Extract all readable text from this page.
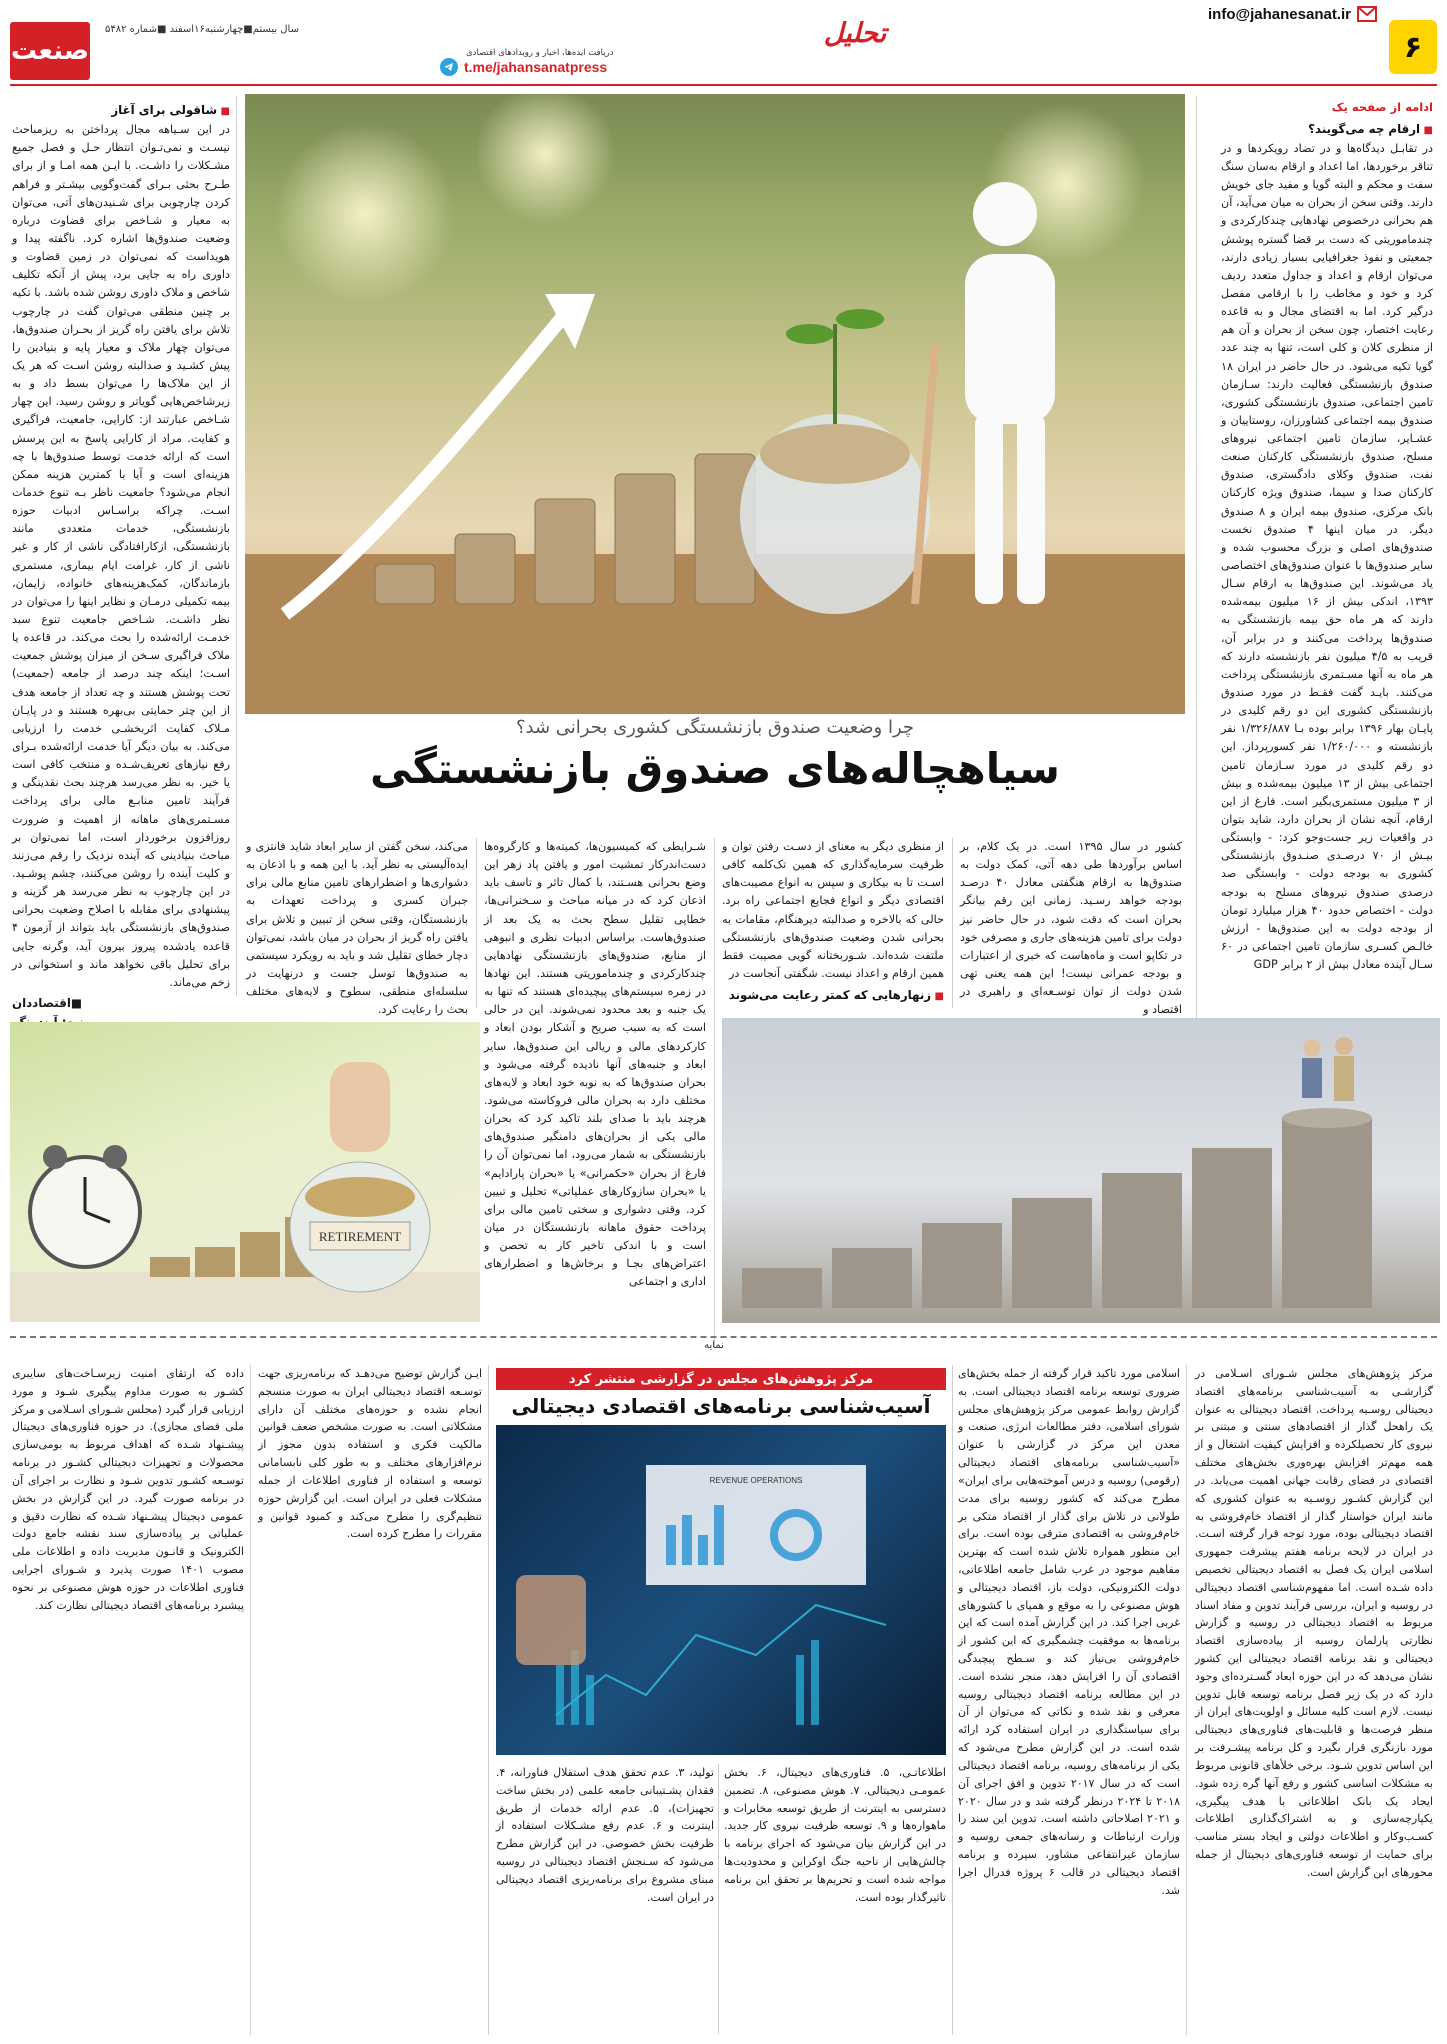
۶
info@jahanesanat.ir
تحلیل
دریافت ایده‌ها، اخبار و رویدادهای اقتصادی
t.me/jahansanatpress
سال بیستم■چهارشنبه۱۶اسفند ■شماره ۵۴۸۲
صنعت
ادامه از صفحه یک
■ ارقام چه می‌گویند؟

در تقابـل دیدگاه‌ها و در تضاد رویکردها و در تناقر برخوردها، اما اعداد و ارقام به‌سان سنگ سفت و محکم و البته گویا و مفید جای خویش دارند. وقتی سخن از بحران به میان می‌آید، آن هم بحرانی درخصوص نهادهایی چندکارکردی و چندماموریتی که دست بر قضا گستره پوشش جمعیتی و نفوذ جغرافیایی بسیار زیادی دارند، می‌توان ارقام و اعداد و جداول متعدد ردیف کرد و خود و مخاطب را با ارقامی مفصل درگیر کرد. اما به اقتضای مجال و به قاعده رعایت اختصار، چون سخن از بحران و آن هم از منظری کلان و کلی است، تنها به چند عدد گویا تکیه می‌شود. در حال حاضر در ایران ۱۸ صندوق بازنشستگی فعالیت دارند: سـازمان تامین اجتماعی، صندوق بازنشستگی کشوری، صندوق بیمه اجتماعی کشاورزان، روستاییان و عشـایر، سازمان تامین اجتماعی نیروهای مسلح، صندوق بازنشستگی کارکنان صنعت نفت، صندوق وکلای دادگستری، صندوق کارکنان صدا و سیما، صندوق ویژه کارکنان بانک مرکزی، صندوق بیمه ایران و ۸ صندوق دیگر. در میان اینها ۴ صندوق نخست صندوق‌های اصلی و بزرگ محسوب شده و سایر صندوق‌ها با عنوان صندوق‌های اختصاصی یاد می‌شوند. این صندوق‌ها به ارقام سـال ۱۳۹۳، اندکی بیش از ۱۶ میلیون بیمه‌شده دارند که هر ماه حق بیمه بازنشستگی به صندوق‌ها پرداخت می‌کنند و در برابر آن، قریب به ۴/۵ میلیون نفر بازنشسته دارند که هر ماه به آنها مسـتمری بازنشستگی پرداخت می‌کنند. بایـد گفت فقـط در مورد صندوق بازنشستگی کشوری این دو رقم کلیدی در پایـان بهار ۱۳۹۶ برابر بوده بـا ۱/۳۲۶/۸۸۷ نفر بازنشسته و ۱/۲۶۰/۰۰۰ نفر کسورپرداز. این دو رقم کلیدی در مورد سـازمان تامین اجتماعی بیش از ۱۳ میلیون بیمه‌شده و بیش از ۳ میلیون مستمری‌بگیر است. فارغ از این ارقام، آنچه نشان از بحران دارد، شاید بتوان در واقعیات زیر جست‌وجو کرد: - وابستگی بیـش از ۷۰ درصـدی صنـدوق بازنشستگی کشوری به بودجه دولت - وابستگی صد درصدی صندوق نیروهای مسلح به بودجه دولت - اختصاص حدود ۴۰ هزار میلیارد تومان از بودجه دولت به این صندوق‌ها - ارزش خالـص کسـری سازمان تامین اجتماعی در ۶۰ سـال آینده معادل بیش از ۲ برابر GDP

چرا وضعیت صندوق بازنشستگی کشوری بحرانی شد؟
سیاهچاله‌های صندوق بازنشستگی

کشور در سال ۱۳۹۵ است. در یک کلام، بر اساس برآوردها طی دهه آتی، کمک دولت به صندوق‌ها به ارقام هنگفتی معادل ۴۰ درصـد بودجه خواهد رسـید. زمانی این رقم بیانگر بحران است که دقت شود، در حال حاضر نیز دولت برای تامین هزینه‌های جاری و مصرفی خود در تکاپو است و ماه‌هاست که خبری از اعتبارات و بودجه عمرانی نیست! این همه یعنی تهی شدن دولت از توان توسـعه‌ای و راهبری در اقتصاد و

از منظری دیگر به معنای از دسـت رفتن توان و ظرفیت سرمایه‌گذاری که همین تک‌کلمه کافی اسـت تا به بیکاری و سپس به انواع مصیبت‌های اقتصادی دیگر و انواع فجایع اجتماعی راه برد. حالی که بالاخره و صدالبته دیرهنگام، مقامات به بحرانی شدن وضعیت صندوق‌های بازنشستگی ملتفت شده‌اند. شـوربختانه گویی مصیبت فقط همین ارقام و اعداد نیست. شگفتی آنجاست در

■ زنهارهایی که کمتر رعایت می‌شوند

شـرایطی که کمیسیون‌ها، کمیته‌ها و کارگروه‌ها دست‌اندرکار تمشیت امور و یافتن پاد زهر این وضع بحرانی هسـتند، با کمال تاثر و تاسف باید اذعان کرد که در میانه مباحث و سـخنرانی‌ها، خطایی تقلیل سطح بحث به یک بعد از صندوق‌هاست. براساس ادبیات نظری و انبوهی از منابع، صندوق‌های بازنشستگی نهادهایی چندکارکردی و چندماموریتی هستند. این نهادها در زمره سیستم‌های پیچیده‌ای هستند که تنها به یک جنبه و بعد محدود نمی‌شوند. این در حالی است که به سبب صریح و آشکار بودن ابعاد و کارکردهای مالی و ریالی این صندوق‌ها، سایر ابعاد و جنبه‌های آنها نادیده گرفته می‌شود و بحران صندوق‌ها که به نوبه خود ابعاد و لایه‌های مختلف دارد به بحران مالی فروکاسته می‌شود. هرچند باید با صدای بلند تاکید کرد که بحران مالی یکی از بحران‌های دامنگیر صندوق‌های بازنشستگی به شمار می‌رود، اما نمی‌توان آن را فارغ از بحران «حکمرانی» یا «بحران پارادایم» یا «بحران سازوکارهای عملیاتی» تحلیل و تبیین کرد. وقتی دشواری و سختی تامین مالی برای پرداخت حقوق ماهانه بازنشستگان در میان است و با اندکی تاخیر کار به تحصن و اعتراض‌های بجـا و برخاش‌ها و اضطرارهای اداری و اجتماعی

می‌کند، سخن گفتن از سایر ابعاد شاید فانتزی و ایده‌آلیستی به نظر آید. با این همه و با اذعان به دشواری‌ها و اضطرارهای تامین منابع مالی برای جبران کسری و پرداخت تعهدات به بازنشستگان، وقتی سخن از تبیین و تلاش برای یافتن راه گریز از بحران در میان باشد، نمی‌توان دچار خطای تقلیل شد و باید به رویکرد سیستمی به صندوق‌ها توسل جست و درنهایت در سلسله‌ای منطقی، سطوح و لایه‌های مختلف بحث را رعایت کرد.

■ شاقولی برای آغاز

در این سـیاهه مجال پرداختن به ریزمباحث نیسـت و نمی‌تـوان انتظار حـل و فصل جمیع مشـکلات را داشـت. با ایـن همه امـا و از برای طـرح بحثی بـرای گفت‌وگویی بیشـتر و فراهم کردن چارچوبی برای شـنیدن‌های آتی، می‌توان به معیار و شـاخص برای قضاوت درباره وضعیت صندوق‌ها اشاره کرد. ناگفته پیدا و هویداست که نمی‌توان در زمین قضاوت و داوری راه به جایی برد، پیش از آنکه تکلیف شاخص و ملاک داوری روشن شده باشد. با تکیه بر چنین منطقی می‌توان گفت در چارچوب تلاش برای یافتن راه گریز از بحـران صندوق‌ها، می‌توان چهار ملاک و معیار پایه و بنیادین را پیش کشـید و صدالبته روشن اسـت که هر یک از این ملاک‌ها را می‌توان بسط داد و به زیرشاخص‌هایی گویاتر و روشن رسید. این چهار شـاخص عبارتند از: کارایی، جامعیت، فراگیری و کفایت. مراد از کارایی پاسخ به این پرسش است که ارائه خدمت توسط صندوق‌ها با چه هزینه‌ای است و آیا با کمترین هزینه ممکن انجام می‌شود؟ جامعیت ناظر بـه تنوع خدمات اسـت. چراکه براسـاس ادبیات حوزه بازنشستگی، خدمات متعددی مانند بازنشستگی، ازکارافتادگی ناشی از کار و غیر ناشی از کار، غرامت ایام بیماری، مستمری بازماندگان، کمک‌هزینه‌های خانواده، زایمان، بیمه تکمیلی درمـان و نظایر اینها را می‌توان در نظر داشـت. شـاخص جامعیت تنوع سبد خدمـت ارائه‌شده را بحث می‌کند. در قاعده یا ملاک فراگیری سـخن از میزان پوشش جمعیت اسـت؛ اینکه چند درصد از جامعه (جمعیت) تحت پوشش هستند و چه تعداد از جامعه هدف از این چتر حمایتی بی‌بهره هستند و در پایـان مـلاک کفایت اثربخشـی خدمت را ارزیابی می‌کند. به بیان دیگر آیا خدمت ارائه‌شده بـرای رفع نیازهای تعریف‌شـده و منتخب کافی است یا خیر. به نظر می‌رسد هرچند بحث نقدینگی و فرآیند تامین منابـع مالی برای پرداخت مسـتمری‌های ماهانه از اهمیت و ضرورت روزافزون برخوردار است، اما نمی‌توان بر مباحث بنیادینی که آینده نزدیک را رقم می‌زنند و کلیت آینده را روشن می‌کنند، چشم پوشـید. در این چارچوب به نظر می‌رسد هر گزینه و پیشنهادی برای مقابله با اصلاح وضعیت بحرانی صندوق‌های بازنشستگی باید بتواند از آزمون ۴ قاعده یادشده پیروز بیرون آید، وگرنه جایی برای تحلیل باقی نخواهد ماند و استخوانی در زخم می‌ماند.

■اقتصاددان
RETIREMENT
نمایه

مرکز پژوهش‌های مجلس شـورای اسـلامی در گزارشـی به آسیب‌شناسی برنامه‌های اقتصاد دیجیتالی روسـیه پرداخت. اقتصاد دیجیتالی به عنوان یک راهحل گذار از اقتصادهای سنتی و مبتنی بر نیروی کار تحصیلکرده و افزایش کیفیت اشتغال و از همه مهم‌تر افزایش بهره‌وری بخش‌های مختلف اقتصادی در فضای رقابت جهانی اهمیت می‌یابد. در این گزارش کشـور روسـیه به عنوان کشوری که مانند ایران خواستار گذار از اقتصاد خام‌فروشی به اقتصاد دیجیتالی بوده، مورد توجه قرار گرفته اسـت. در ایران در لایحه برنامه هفتم پیشرفت جمهوری اسلامی ایران یک فصل به اقتصاد دیجیتالی تخصیص داده شـده است. اما مفهوم‌شناسی اقتصاد دیجیتالی در روسیه و ایران، بررسی فرآیند تدوین و مفاد اسناد مربوط به اقتصاد دیجیتالی در روسیه و گزارش نظارتی پارلمان روسیه از پیاده‌سازی اقتصاد دیجیتالی و نقد برنامه اقتصاد دیجیتالی این کشور نشان می‌دهد که در این حوزه ابعاد گسـترده‌ای وجود دارد که در یک زیر فصل برنامه توسعه قابل تدوین نیست. لازم است کلیه مسائل و اولویت‌های ایران از منظر فرصت‌ها و قابلیت‌های فناوری‌های دیجیتالی مورد بازنگری قرار بگیرد و کل برنامه پیشـرفت بر این اساس تدوین شـود. برخی خلأهای قانونی مربوط به مشکلات اساسی کشور و رفع آنها گره زده شود. ایجاد یک بانک اطلاعاتی با هدف پیگیری، یکپارچه‌سازی و به اشتراک‌گذاری اطلاعات کسـب‌وکار و اطلاعات دولتی و ایجاد بستر مناسب برای حمایت از توسعه فناوری‌های دیجیتال از جمله محورهای این گزارش است.

اسلامی مورد تاکید قرار گرفته از جمله بخش‌های ضروری توسعه برنامه اقتصاد دیجیتالی است. به گزارش روابط عمومی مرکز پژوهش‌های مجلس شورای اسلامی، دفتر مطالعات انرژی، صنعت و معدن این مرکز در گزارشی با عنوان «آسیب‌شناسی برنامه‌های اقتصاد دیجیتالی (رقومی) روسیه و درس آموخته‌هایی برای ایران» مطرح می‌کند که کشور روسیه برای مدت طولانی در تلاش برای گذار از اقتصاد متکی بر خام‌فروشی به اقتصادی مترقی بوده است. برای این منظور همواره تلاش شده است که بهترین مفاهیم موجود در غرب شامل جامعه اطلاعاتی، دولت الکترونیکی، دولت باز، اقتصاد دیجیتالی و هوش مصنوعی را به موقع و همپای با کشورهای غربی اجرا کند. در این گزارش آمده است که این برنامه‌ها به موفقیت چشمگیری که این کشور از خام‌فروشی بی‌نیاز کند و سـطح پیچیدگی اقتصادی آن را افزایش دهد، منجر نشده است. در این مطالعه برنامه اقتصاد دیجیتالی روسیه معرفی و نقد شده و نکاتی که می‌توان از آن برای سیاستگذاری در ایران استفاده کرد ارائه شده است. در این گزارش مطرح می‌شود که یکی از برنامه‌های روسیه، برنامه اقتصاد دیجیتالی است که در سال ۲۰۱۷ تدوین و افق اجرای آن ۲۰۱۸ تا ۲۰۲۴ درنظر گرفته شد و در سال ۲۰۲۰ و ۲۰۲۱ اصلاحاتی داشته است. تدوین این سند را وزارت ارتباطات و رسانه‌های جمعی روسیه و سازمان غیرانتفاعی مشاور، سپرده و برنامه اقتصاد دیجیتالی در قالب ۶ پروژه فدرال اجرا شد.

مرکز پژوهش‌های مجلس در گزارشی منتشر کرد
آسیب‌شناسی برنامه‌های اقتصادی دیجیتالی
REVENUE OPERATIONS

اطلاعاتـی، ۵. فناوری‌های دیجیتال، ۶. بخش عمومـی دیجیتالی. ۷. هوش مصنوعی، ۸. تضمین دسترسی به اینترنت از طریق توسعه مخابرات و ماهواره‌ها و ۹. توسعه ظرفیت نیروی کار جدید. در این گزارش بیان می‌شود که اجرای برنامه با چالش‌هایی از ناحیه جنگ اوکراین و محدودیت‌ها مواجه شده است و تحریم‌ها بر تحقق این برنامه تاثیرگذار بوده است.

تولید، ۳. عدم تحقق هدف استقلال فناورانه، ۴. فقدان پشـتیبانی جامعه علمی (در بخش ساخت تجهیزات)، ۵. عدم ارائه خدمات از طریق اینترنت و ۶. عدم رفع مشـکلات استفاده از ظرفیت بخش خصوصی. در این گزارش مطرح می‌شود که سـنجش اقتصاد دیجیتالی در روسیه مبنای مشروع برای برنامه‌ریزی اقتصاد دیجیتالی در ایران است.

ایـن گزارش توضیح می‌دهـد که برنامه‌ریزی جهت توسـعه اقتصاد دیجیتالی ایران به صورت منسجم انجام نشده و حوزه‌های مختلف آن دارای مشکلاتی است. به صورت مشخص ضعف قوانین مالکیت فکری و استفاده بدون مجوز از نرم‌افزارهای مختلف و به طور کلی نابسامانی توسعه و استفاده از فناوری اطلاعات از جمله مشکلات فعلی در ایران است. این گزارش حوزه تنظیم‌گری را مطرح می‌کند و کمبود قوانین و مقررات را مطرح کرده است.

داده که ارتقای امنیت زیرسـاخت‌های سایبری کشـور به صورت مداوم پیگیری شـود و مورد ارزیابی قرار گیرد (مجلس شـورای اسـلامی و مرکز ملی فضای مجازی). در حوزه فناوری‌های دیجیتال پیشـنهاد شـده که اهداف مربوط به بومی‌سازی محصولات و تجهیزات دیجیتالی کشـور در برنامه توسـعه کشـور تدوین شـود و نظارت بر اجرای آن در برنامه صورت گیرد. در این گزارش در بخش عمومی دیجیتال پیشـنهاد شـده که نظارت دقیق و عملیاتی بر پیاده‌سازی سند نقشه جامع دولت الکترونیک و قانـون مدیریت داده و اطلاعات ملی مصوب ۱۴۰۱ صورت پذیرد و شـورای اجرایی فناوری اطلاعات در حوزه هوش مصنوعی بر نحوه پیشبرد برنامه‌های اقتصاد دیجیتالی نظارت کند.
